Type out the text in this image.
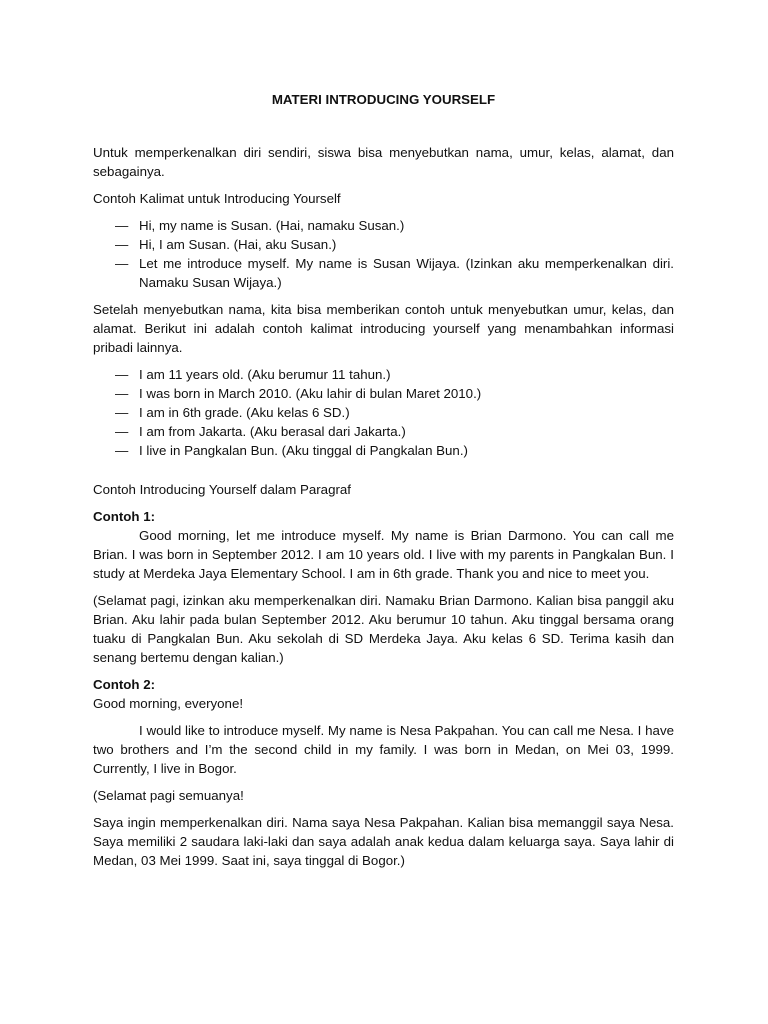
MATERI INTRODUCING YOURSELF

Untuk memperkenalkan diri sendiri, siswa bisa menyebutkan nama, umur, kelas, alamat, dan sebagainya.

Contoh Kalimat untuk Introducing Yourself

— Hi, my name is Susan. (Hai, namaku Susan.)
— Hi, I am Susan. (Hai, aku Susan.)
— Let me introduce myself. My name is Susan Wijaya. (Izinkan aku memperkenalkan diri. Namaku Susan Wijaya.)

Setelah menyebutkan nama, kita bisa memberikan contoh untuk menyebutkan umur, kelas, dan alamat. Berikut ini adalah contoh kalimat introducing yourself yang menambahkan informasi pribadi lainnya.

— I am 11 years old. (Aku berumur 11 tahun.)
— I was born in March 2010. (Aku lahir di bulan Maret 2010.)
— I am in 6th grade. (Aku kelas 6 SD.)
— I am from Jakarta. (Aku berasal dari Jakarta.)
— I live in Pangkalan Bun. (Aku tinggal di Pangkalan Bun.)

Contoh Introducing Yourself dalam Paragraf

Contoh 1:

Good morning, let me introduce myself. My name is Brian Darmono. You can call me Brian. I was born in September 2012. I am 10 years old. I live with my parents in Pangkalan Bun. I study at Merdeka Jaya Elementary School. I am in 6th grade. Thank you and nice to meet you.

(Selamat pagi, izinkan aku memperkenalkan diri. Namaku Brian Darmono. Kalian bisa panggil aku Brian. Aku lahir pada bulan September 2012. Aku berumur 10 tahun. Aku tinggal bersama orang tuaku di Pangkalan Bun. Aku sekolah di SD Merdeka Jaya. Aku kelas 6 SD. Terima kasih dan senang bertemu dengan kalian.)

Contoh 2:

Good morning, everyone!

I would like to introduce myself. My name is Nesa Pakpahan. You can call me Nesa. I have two brothers and I’m the second child in my family. I was born in Medan, on Mei 03, 1999. Currently, I live in Bogor.

(Selamat pagi semuanya!

Saya ingin memperkenalkan diri. Nama saya Nesa Pakpahan. Kalian bisa memanggil saya Nesa. Saya memiliki 2 saudara laki-laki dan saya adalah anak kedua dalam keluarga saya. Saya lahir di Medan, 03 Mei 1999. Saat ini, saya tinggal di Bogor.)
